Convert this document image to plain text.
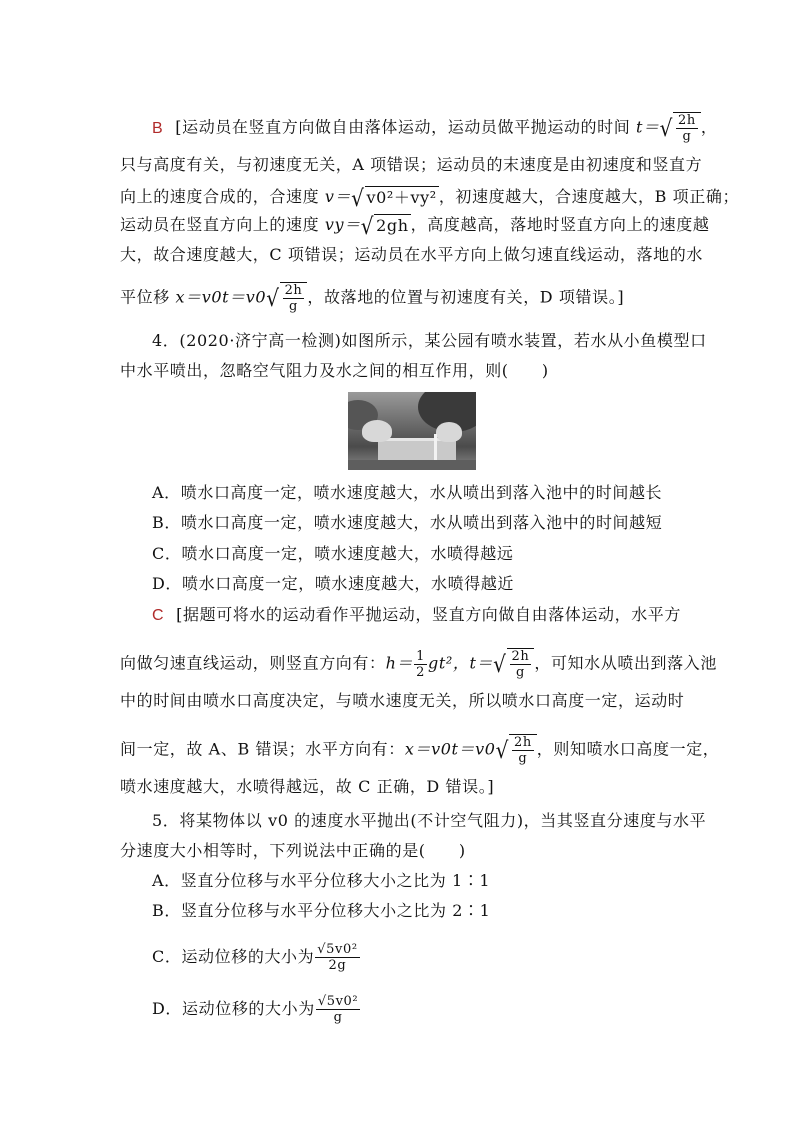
B [运动员在竖直方向做自由落体运动，运动员做平抛运动的时间 t＝ √ $\frac{2h}{g}$ ，
只与高度有关，与初速度无关，A 项错误；运动员的末速度是由初速度和竖直方
向上的速度合成的，合速度 v＝ √ v0²＋vy² ，初速度越大，合速度越大，B 项正确；
运动员在竖直方向上的速度 vy＝ √ 2gh ，高度越高，落地时竖直方向上的速度越
大，故合速度越大，C 项错误；运动员在水平方向上做匀速直线运动，落地的水
平位移 x＝v0t＝v0 √ $\frac{2h}{g}$ ，故落地的位置与初速度有关，D 项错误。]
4．(2020·济宁高一检测)如图所示，某公园有喷水装置，若水从小鱼模型口
中水平喷出，忽略空气阻力及水之间的相互作用，则(　　)
A．喷水口高度一定，喷水速度越大，水从喷出到落入池中的时间越长
B．喷水口高度一定，喷水速度越大，水从喷出到落入池中的时间越短
C．喷水口高度一定，喷水速度越大，水喷得越远
D．喷水口高度一定，喷水速度越大，水喷得越近
C [据题可将水的运动看作平抛运动，竖直方向做自由落体运动，水平方
向做匀速直线运动，则竖直方向有：$h= \frac{1}{2} gt^2$，t＝ √ $\frac{2h}{g}$ ，可知水从喷出到落入池
中的时间由喷水口高度决定，与喷水速度无关，所以喷水口高度一定，运动时
间一定，故 A、B 错误；水平方向有：x＝v0t＝v0 √ $\frac{2h}{g}$ ，则知喷水口高度一定，
喷水速度越大，水喷得越远，故 C 正确，D 错误。]
5．将某物体以 v0 的速度水平抛出(不计空气阻力)，当其竖直分速度与水平
分速度大小相等时，下列说法中正确的是(　　)
A．竖直分位移与水平分位移大小之比为 1∶1
B．竖直分位移与水平分位移大小之比为 2∶1
C．运动位移的大小为 $\frac{\text{√5v0²}}{2g}$
D．运动位移的大小为 $\frac{\text{√5v0²}}{g}$
